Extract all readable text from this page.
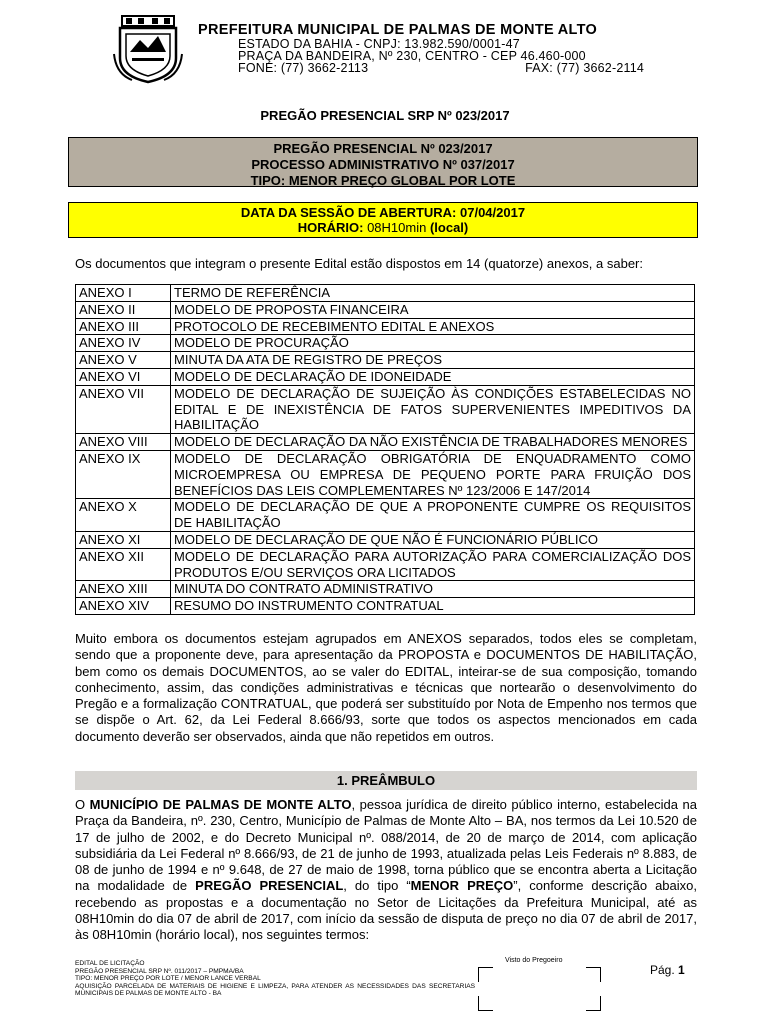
PREFEITURA MUNICIPAL DE PALMAS DE MONTE ALTO
ESTADO DA BAHIA - CNPJ: 13.982.590/0001-47
PRAÇA DA BANDEIRA, Nº 230, CENTRO - CEP 46.460-000
FONE: (77) 3662-2113	FAX: (77) 3662-2114
PREGÃO PRESENCIAL SRP Nº 023/2017
PREGÃO PRESENCIAL Nº 023/2017
PROCESSO ADMINISTRATIVO Nº 037/2017
TIPO: MENOR PREÇO GLOBAL POR LOTE
DATA DA SESSÃO DE ABERTURA: 07/04/2017
HORÁRIO: 08H10min (local)
Os documentos que integram o presente Edital estão dispostos em 14 (quatorze) anexos, a saber:
ANEXO I	TERMO DE REFERÊNCIA
ANEXO II	MODELO DE PROPOSTA FINANCEIRA
ANEXO III	PROTOCOLO DE RECEBIMENTO EDITAL E ANEXOS
ANEXO IV	MODELO DE PROCURAÇÃO
ANEXO V	MINUTA DA ATA DE REGISTRO DE PREÇOS
ANEXO VI	MODELO DE DECLARAÇÃO DE IDONEIDADE
ANEXO VII	MODELO DE DECLARAÇÃO DE SUJEIÇÃO ÀS CONDIÇÕES ESTABELECIDAS NO EDITAL E DE INEXISTÊNCIA DE FATOS SUPERVENIENTES IMPEDITIVOS DA HABILITAÇÃO
ANEXO VIII	MODELO DE DECLARAÇÃO DA NÃO EXISTÊNCIA DE TRABALHADORES MENORES
ANEXO IX	MODELO DE DECLARAÇÃO OBRIGATÓRIA DE ENQUADRAMENTO COMO MICROEMPRESA OU EMPRESA DE PEQUENO PORTE PARA FRUIÇÃO DOS BENEFÍCIOS DAS LEIS COMPLEMENTARES Nº 123/2006 E 147/2014
ANEXO X	MODELO DE DECLARAÇÃO DE QUE A PROPONENTE CUMPRE OS REQUISITOS DE HABILITAÇÃO
ANEXO XI	MODELO DE DECLARAÇÃO DE QUE NÃO É FUNCIONÁRIO PÚBLICO
ANEXO XII	MODELO DE DECLARAÇÃO PARA AUTORIZAÇÃO PARA COMERCIALIZAÇÃO DOS PRODUTOS E/OU SERVIÇOS ORA LICITADOS
ANEXO XIII	MINUTA DO CONTRATO ADMINISTRATIVO
ANEXO XIV	RESUMO DO INSTRUMENTO CONTRATUAL
Muito embora os documentos estejam agrupados em ANEXOS separados, todos eles se completam, sendo que a proponente deve, para apresentação da PROPOSTA e DOCUMENTOS DE HABILITAÇÃO, bem como os demais DOCUMENTOS, ao se valer do EDITAL, inteirar-se de sua composição, tomando conhecimento, assim, das condições administrativas e técnicas que nortearão o desenvolvimento do Pregão e a formalização CONTRATUAL, que poderá ser substituído por Nota de Empenho nos termos que se dispõe o Art. 62, da Lei Federal 8.666/93, sorte que todos os aspectos mencionados em cada documento deverão ser observados, ainda que não repetidos em outros.
1. PREÂMBULO
O MUNICÍPIO DE PALMAS DE MONTE ALTO, pessoa jurídica de direito público interno, estabelecida na Praça da Bandeira, nº. 230, Centro, Município de Palmas de Monte Alto – BA, nos termos da Lei 10.520 de 17 de julho de 2002, e do Decreto Municipal nº. 088/2014, de 20 de março de 2014, com aplicação subsidiária da Lei Federal nº 8.666/93, de 21 de junho de 1993, atualizada pelas Leis Federais nº 8.883, de 08 de junho de 1994 e nº 9.648, de 27 de maio de 1998, torna público que se encontra aberta a Licitação na modalidade de PREGÃO PRESENCIAL, do tipo “MENOR PREÇO”, conforme descrição abaixo, recebendo as propostas e a documentação no Setor de Licitações da Prefeitura Municipal, até as 08H10min do dia 07 de abril de 2017, com início da sessão de disputa de preço no dia 07 de abril de 2017, às 08H10min (horário local), nos seguintes termos:
EDITAL DE LICITAÇÃO
PREGÃO PRESENCIAL SRP Nº. 011/2017 – PMPMA/BA
TIPO: MENOR PREÇO POR LOTE / MENOR LANCE VERBAL
AQUISIÇÃO PARCELADA DE MATERIAIS DE HIGIENE E LIMPEZA, PARA ATENDER AS NECESSIDADES DAS SECRETARIAS MUNICIPAIS DE PALMAS DE MONTE ALTO - BA
Visto do Pregoeiro
Pág. 1
